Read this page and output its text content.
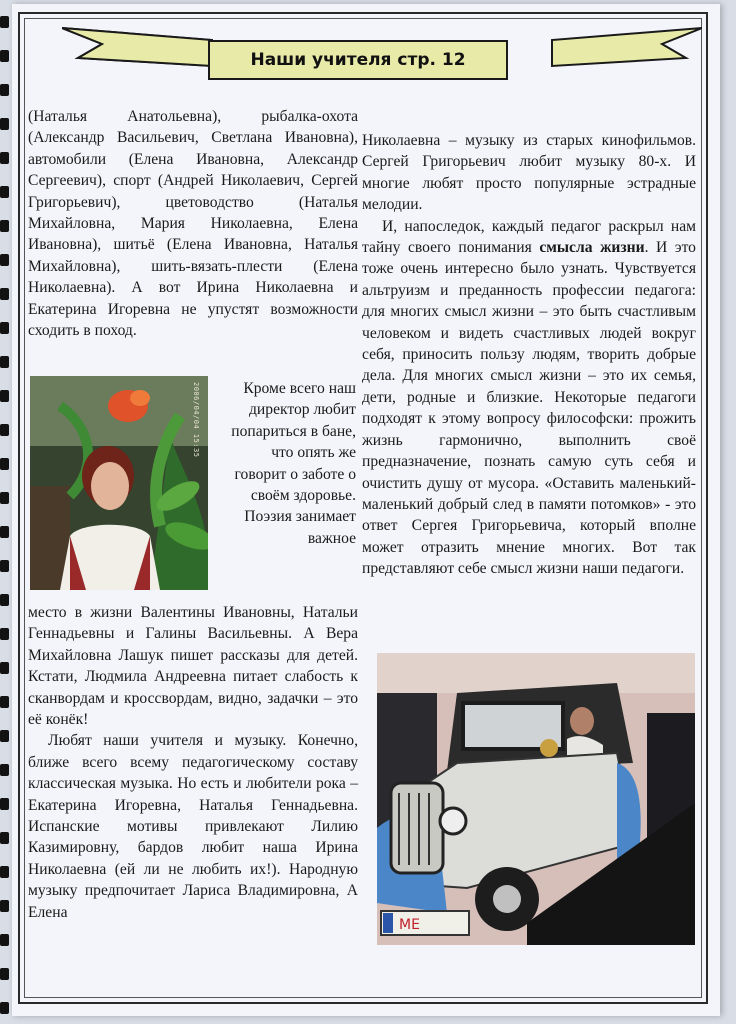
Наши учителя стр. 12

(Наталья Анатольевна), рыбалка-охота (Александр Васильевич, Светлана Ивановна), автомобили (Елена Ивановна, Александр Сергеевич), спорт (Андрей Николаевич, Сергей Григорьевич), цветоводство (Наталья Михайловна, Мария Николаевна, Елена Ивановна), шитьё (Елена Ивановна, Наталья Михайловна), шить-вязать-плести (Елена Николаевна). А вот Ирина Николаевна и Екатерина Игоревна не упустят возможности сходить в поход.

2006/04/04 15:35	Кроме всего наш директор любит попариться в бане, что опять же говорит о заботе о своём здоровье.

Поэзия занимает важное

место в жизни Валентины Ивановны, Натальи Геннадьевны и Галины Васильевны. А Вера Михайловна Лашук пишет рассказы для детей. Кстати, Людмила Андреевна питает слабость к сканвордам и кроссвордам, видно, задачки – это её конёк!

Любят наши учителя и музыку. Конечно, ближе всего всему педагогическому составу классическая музыка. Но есть и любители рока – Екатерина Игоревна, Наталья Геннадьевна. Испанские мотивы привлекают Лилию Казимировну, бардов любит наша Ирина Николаевна (ей ли не любить их!). Народную музыку предпочитает Лариса Владимировна, А Елена

Николаевна – музыку из старых кинофильмов. Сергей Григорьевич любит музыку 80-х. И многие любят просто популярные эстрадные мелодии.

И, напоследок, каждый педагог раскрыл нам тайну своего понимания смысла жизни. И это тоже очень интересно было узнать. Чувствуется альтруизм и преданность профессии педагога: для многих смысл жизни – это быть счастливым человеком и видеть счастливых людей вокруг себя, приносить пользу людям, творить добрые дела. Для многих смысл жизни – это их семья, дети, родные и близкие. Некоторые педагоги подходят к этому вопросу философски: прожить жизнь гармонично, выполнить своё предназначение, познать самую суть себя и очистить душу от мусора. «Оставить маленький-маленький добрый след в памяти потомков» - это ответ Сергея Григорьевича, который вполне может отразить мнение многих. Вот так представляют себе смысл жизни наши педагоги.

ME
